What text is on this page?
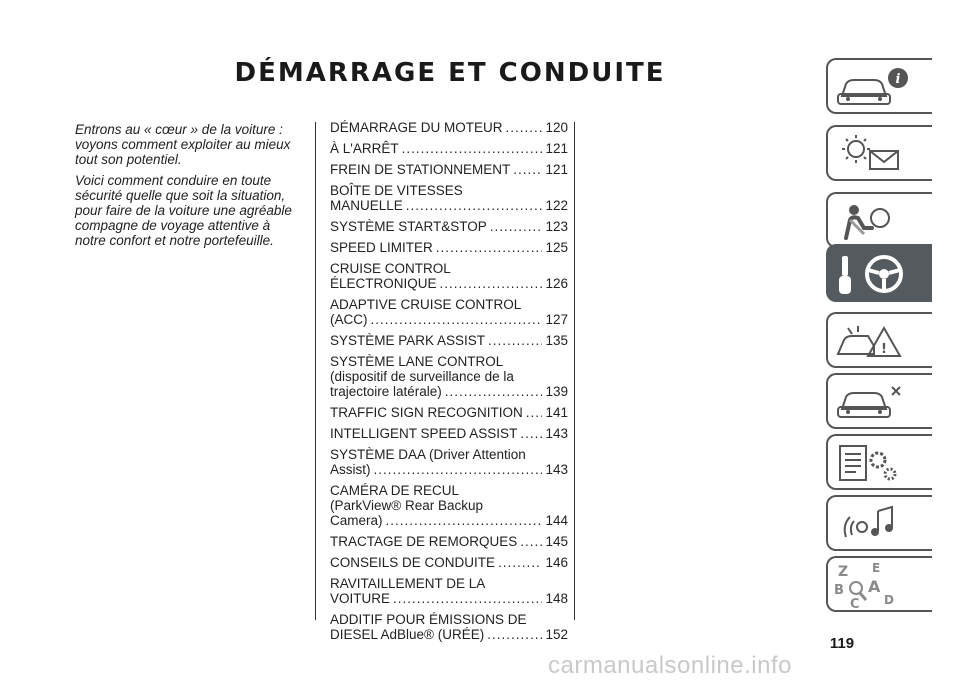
DÉMARRAGE ET CONDUITE

Entrons au « cœur » de la voiture : voyons comment exploiter au mieux tout son potentiel.

Voici comment conduire en toute sécurité quelle que soit la situation, pour faire de la voiture une agréable compagne de voyage attentive à notre confort et notre portefeuille.

DÉMARRAGE DU MOTEUR .....	120
À L'ARRÊT .....	121
FREIN DE STATIONNEMENT .....	121
BOÎTE DE VITESSES
MANUELLE .....	122
SYSTÈME START&STOP .....	123
SPEED LIMITER .....	125
CRUISE CONTROL
ÉLECTRONIQUE .....	126
ADAPTIVE CRUISE CONTROL
(ACC) .....	127
SYSTÈME PARK ASSIST .....	135
SYSTÈME LANE CONTROL
(dispositif de surveillance de la
trajectoire latérale) .....	139
TRAFFIC SIGN RECOGNITION ..... 141
INTELLIGENT SPEED ASSIST ..... 143
SYSTÈME DAA (Driver Attention
Assist) .....	143
CAMÉRA DE RECUL
(ParkView® Rear Backup
Camera) .....	144
TRACTAGE DE REMORQUES ..... 145
CONSEILS DE CONDUITE .....	146
RAVITAILLEMENT DE LA
VOITURE .....	148
ADDITIF POUR ÉMISSIONS DE
DIESEL AdBlue® (URÉE) .....	152
119
carmanualsonline.info
i
!
Z E
B A
C D
